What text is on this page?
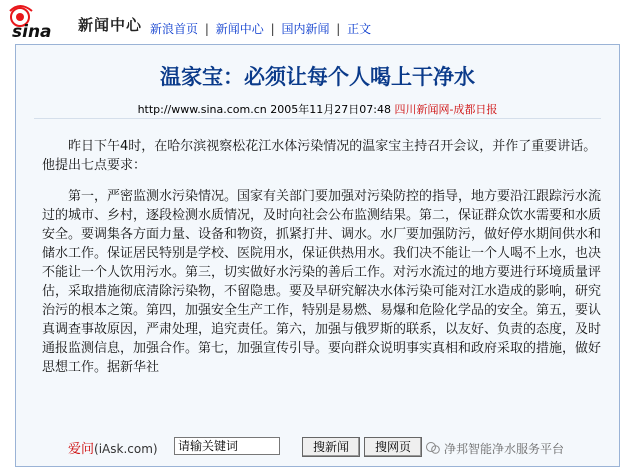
sina 新闻中心 新浪首页 | 新闻中心 | 国内新闻 | 正文
温家宝：必须让每个人喝上干净水
http://www.sina.com.cn 2005年11月27日07:48 四川新闻网-成都日报
昨日下午4时，在哈尔滨视察松花江水体污染情况的温家宝主持召开会议，并作了重要讲话。他提出七点要求：
第一，严密监测水污染情况。国家有关部门要加强对污染防控的指导，地方要沿江跟踪污水流过的城市、乡村，逐段检测水质情况，及时向社会公布监测结果。第二，保证群众饮水需要和水质安全。要调集各方面力量、设备和物资，抓紧打井、调水。水厂要加强防污，做好停水期间供水和储水工作。保证居民特别是学校、医院用水，保证供热用水。我们决不能让一个人喝不上水，也决不能让一个人饮用污水。第三，切实做好水污染的善后工作。对污水流过的地方要进行环境质量评估，采取措施彻底清除污染物，不留隐患。要及早研究解决水体污染可能对江水造成的影响，研究治污的根本之策。第四，加强安全生产工作，特别是易燃、易爆和危险化学品的安全。第五，要认真调查事故原因，严肃处理，追究责任。第六，加强与俄罗斯的联系，以友好、负责的态度，及时通报监测信息，加强合作。第七，加强宣传引导。要向群众说明事实真相和政府采取的措施，做好思想工作。据新华社
爱问(iAsk.com)	请输关键词	搜新闻	搜网页	净邦智能净水服务平台
